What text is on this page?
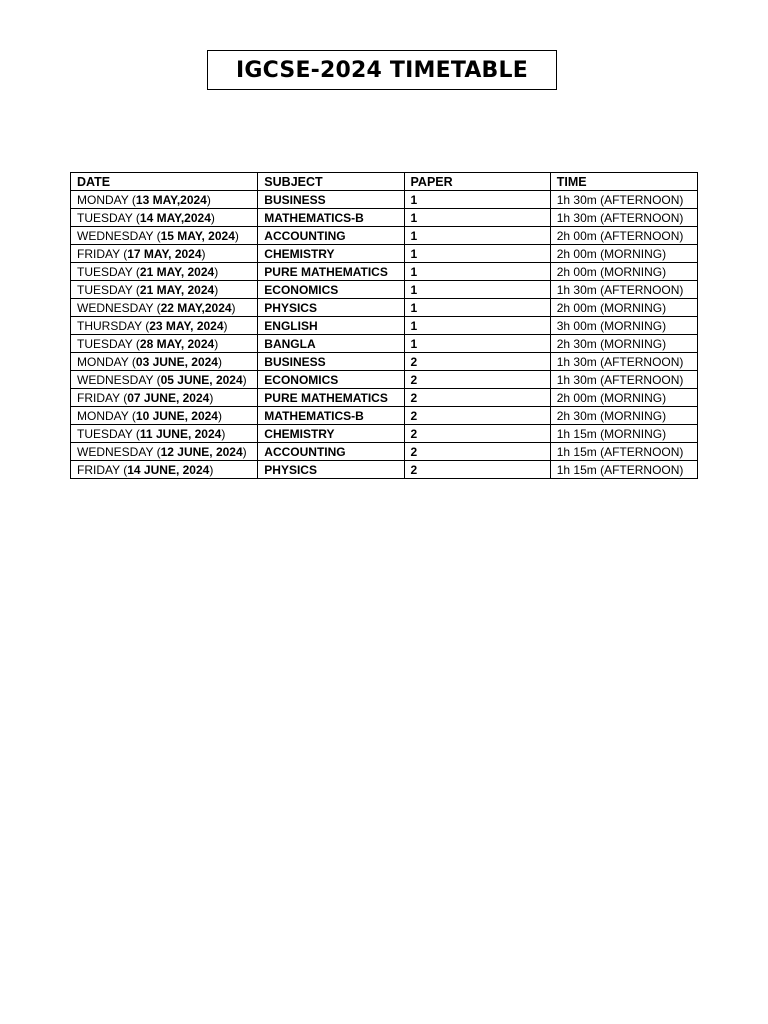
IGCSE-2024 TIMETABLE
DATE	SUBJECT	PAPER	TIME
MONDAY (13 MAY,2024)	BUSINESS	1	1h 30m (AFTERNOON)
TUESDAY (14 MAY,2024)	MATHEMATICS-B	1	1h 30m (AFTERNOON)
WEDNESDAY (15 MAY, 2024)	ACCOUNTING	1	2h 00m (AFTERNOON)
FRIDAY (17 MAY, 2024)	CHEMISTRY	1	2h 00m (MORNING)
TUESDAY (21 MAY, 2024)	PURE MATHEMATICS	1	2h 00m (MORNING)
TUESDAY (21 MAY, 2024)	ECONOMICS	1	1h 30m (AFTERNOON)
WEDNESDAY (22 MAY,2024)	PHYSICS	1	2h 00m (MORNING)
THURSDAY (23 MAY, 2024)	ENGLISH	1	3h 00m (MORNING)
TUESDAY (28 MAY, 2024)	BANGLA	1	2h 30m (MORNING)
MONDAY (03 JUNE, 2024)	BUSINESS	2	1h 30m (AFTERNOON)
WEDNESDAY (05 JUNE, 2024)	ECONOMICS	2	1h 30m (AFTERNOON)
FRIDAY (07 JUNE, 2024)	PURE MATHEMATICS	2	2h 00m (MORNING)
MONDAY (10 JUNE, 2024)	MATHEMATICS-B	2	2h 30m (MORNING)
TUESDAY (11 JUNE, 2024)	CHEMISTRY	2	1h 15m (MORNING)
WEDNESDAY (12 JUNE, 2024)	ACCOUNTING	2	1h 15m (AFTERNOON)
FRIDAY (14 JUNE, 2024)	PHYSICS	2	1h 15m (AFTERNOON)
